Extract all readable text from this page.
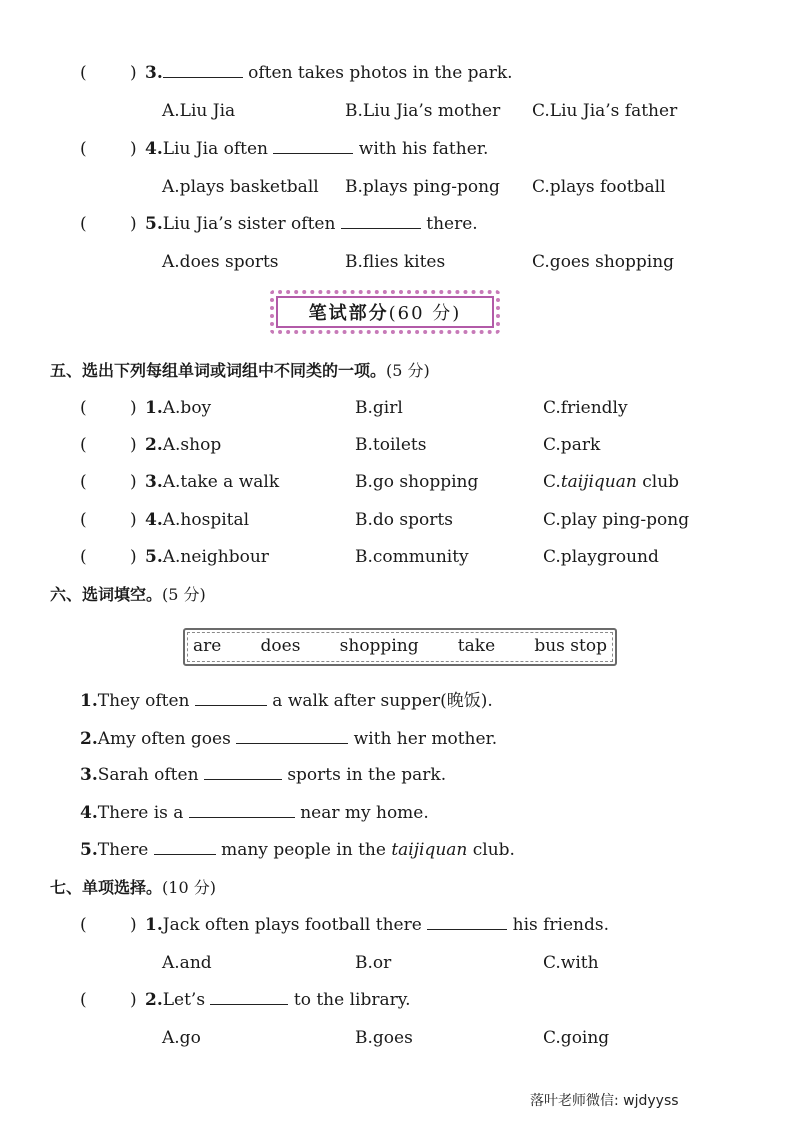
(	) 3.	often takes photos in the park.
A.Liu Jia	B.Liu Jia’s mother C.Liu Jia’s father
(	) 4.Liu Jia often	with his father.
A.plays basketball B.plays ping-pong C.plays football
(	) 5.Liu Jia’s sister often	there.
A.does sports	B.flies kites	C.goes shopping
笔试部分 (60 分)
五、选出下列每组单词或词组中不同类的一项。(5 分)
(	) 1.A.boy	B.girl	C.friendly
(	) 2.A.shop	B.toilets	C.park
(	) 3.A.take a walk	B.go shopping	C.taijiquan club
(	) 4.A.hospital	B.do sports	C.play ping-pong
(	) 5.A.neighbour	B.community	C.playground
六、选词填空。(5 分)
are does shopping take bus stop
1.They often	a walk after supper(晚饭).
2.Amy often goes	with her mother.
3.Sarah often	sports in the park.
4.There is a	near my home.
5.There	many people in the taijiquan club.
七、单项选择。(10 分)
(	) 1.Jack often plays football there	his friends.
A.and	B.or	C.with
(	) 2.Let’s	to the library.
A.go	B.goes	C.going
落叶老师微信: wjdyyss
